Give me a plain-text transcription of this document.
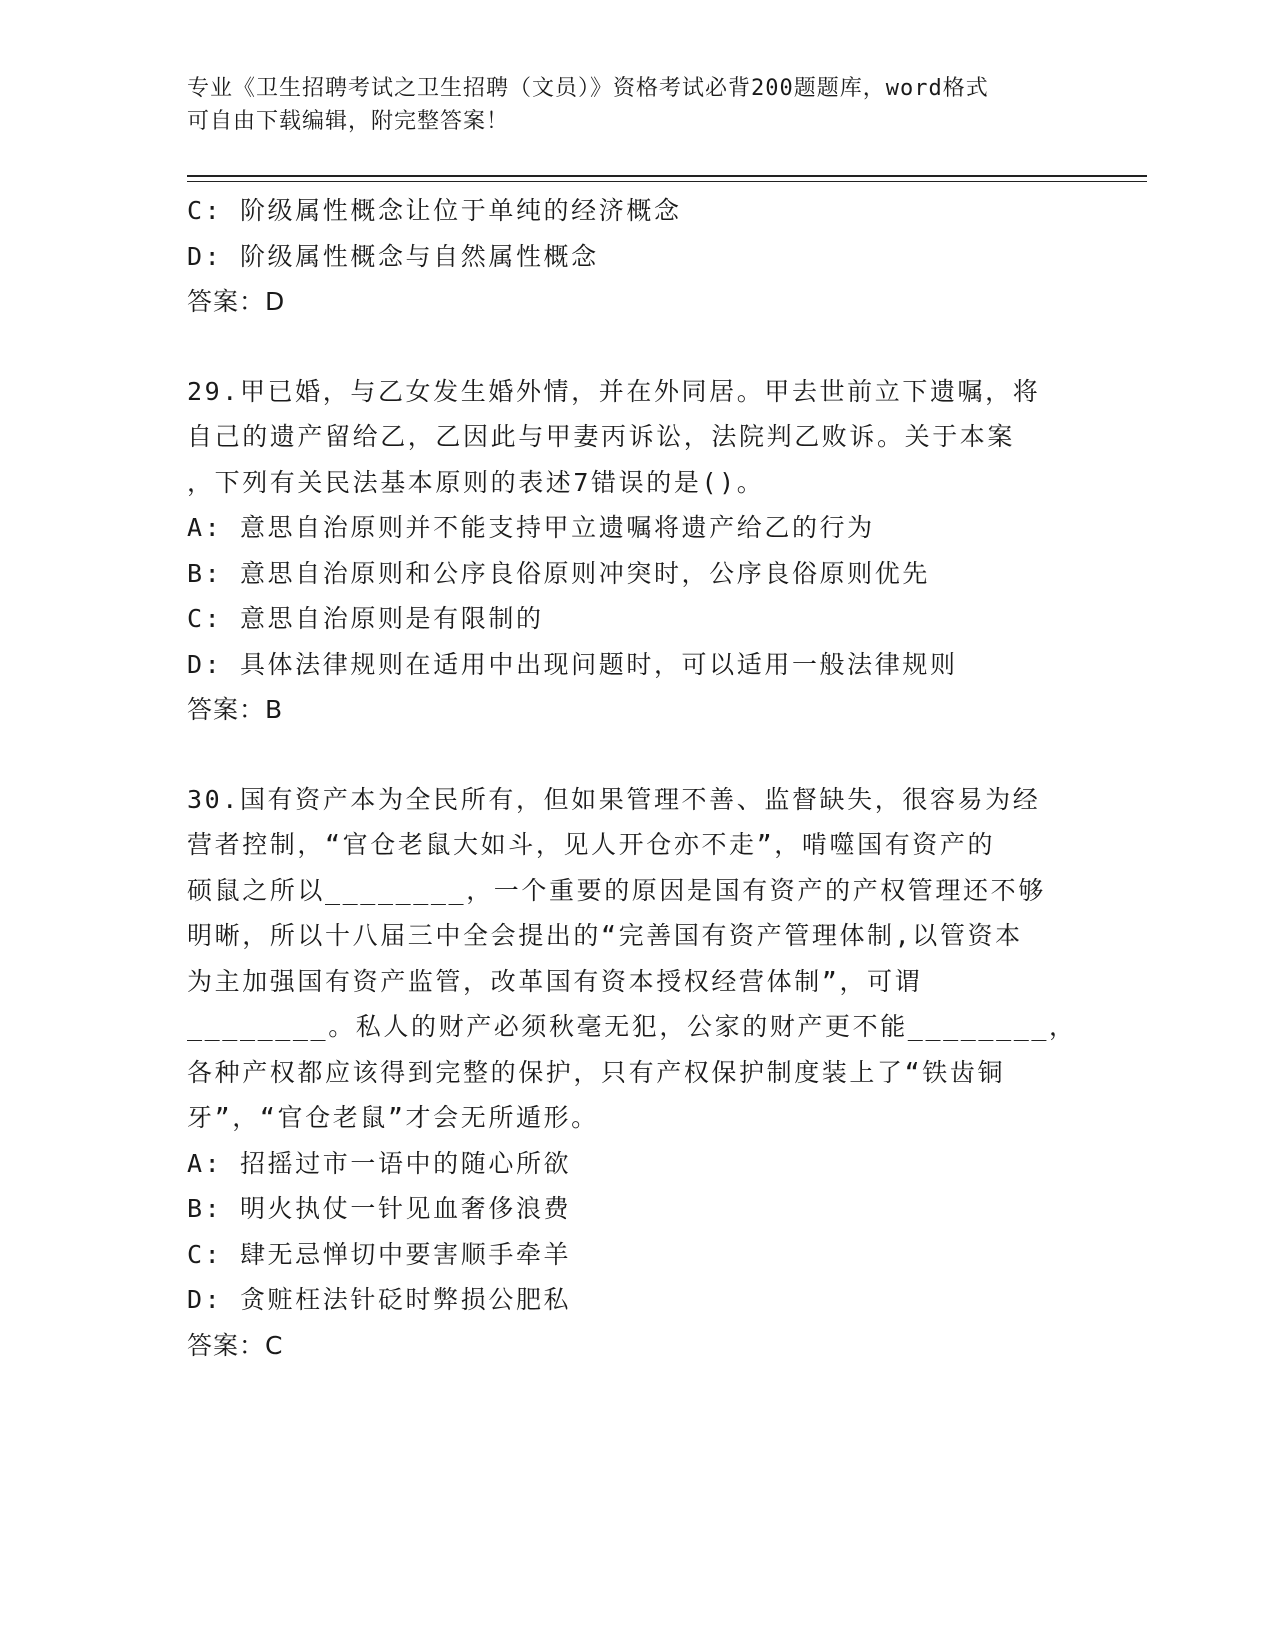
专业《卫生招聘考试之卫生招聘（文员）》资格考试必背200题题库，word格式
可自由下载编辑，附完整答案！
C: 阶级属性概念让位于单纯的经济概念
D: 阶级属性概念与自然属性概念
答案：D
29.甲已婚，与乙女发生婚外情，并在外同居。甲去世前立下遗嘱，将
自己的遗产留给乙，乙因此与甲妻丙诉讼，法院判乙败诉。关于本案
，下列有关民法基本原则的表述7错误的是()。
A: 意思自治原则并不能支持甲立遗嘱将遗产给乙的行为
B: 意思自治原则和公序良俗原则冲突时，公序良俗原则优先
C: 意思自治原则是有限制的
D: 具体法律规则在适用中出现问题时，可以适用一般法律规则
答案：B
30.国有资产本为全民所有，但如果管理不善、监督缺失，很容易为经
营者控制，“官仓老鼠大如斗，见人开仓亦不走”，啃噬国有资产的
硕鼠之所以________，一个重要的原因是国有资产的产权管理还不够
明晰，所以十八届三中全会提出的“完善国有资产管理体制,以管资本
为主加强国有资产监管，改革国有资本授权经营体制”，可谓
________。私人的财产必须秋毫无犯，公家的财产更不能________，
各种产权都应该得到完整的保护，只有产权保护制度装上了“铁齿铜
牙”，“官仓老鼠”才会无所遁形。
A: 招摇过市一语中的随心所欲
B: 明火执仗一针见血奢侈浪费
C: 肆无忌惮切中要害顺手牵羊
D: 贪赃枉法针砭时弊损公肥私
答案：C
